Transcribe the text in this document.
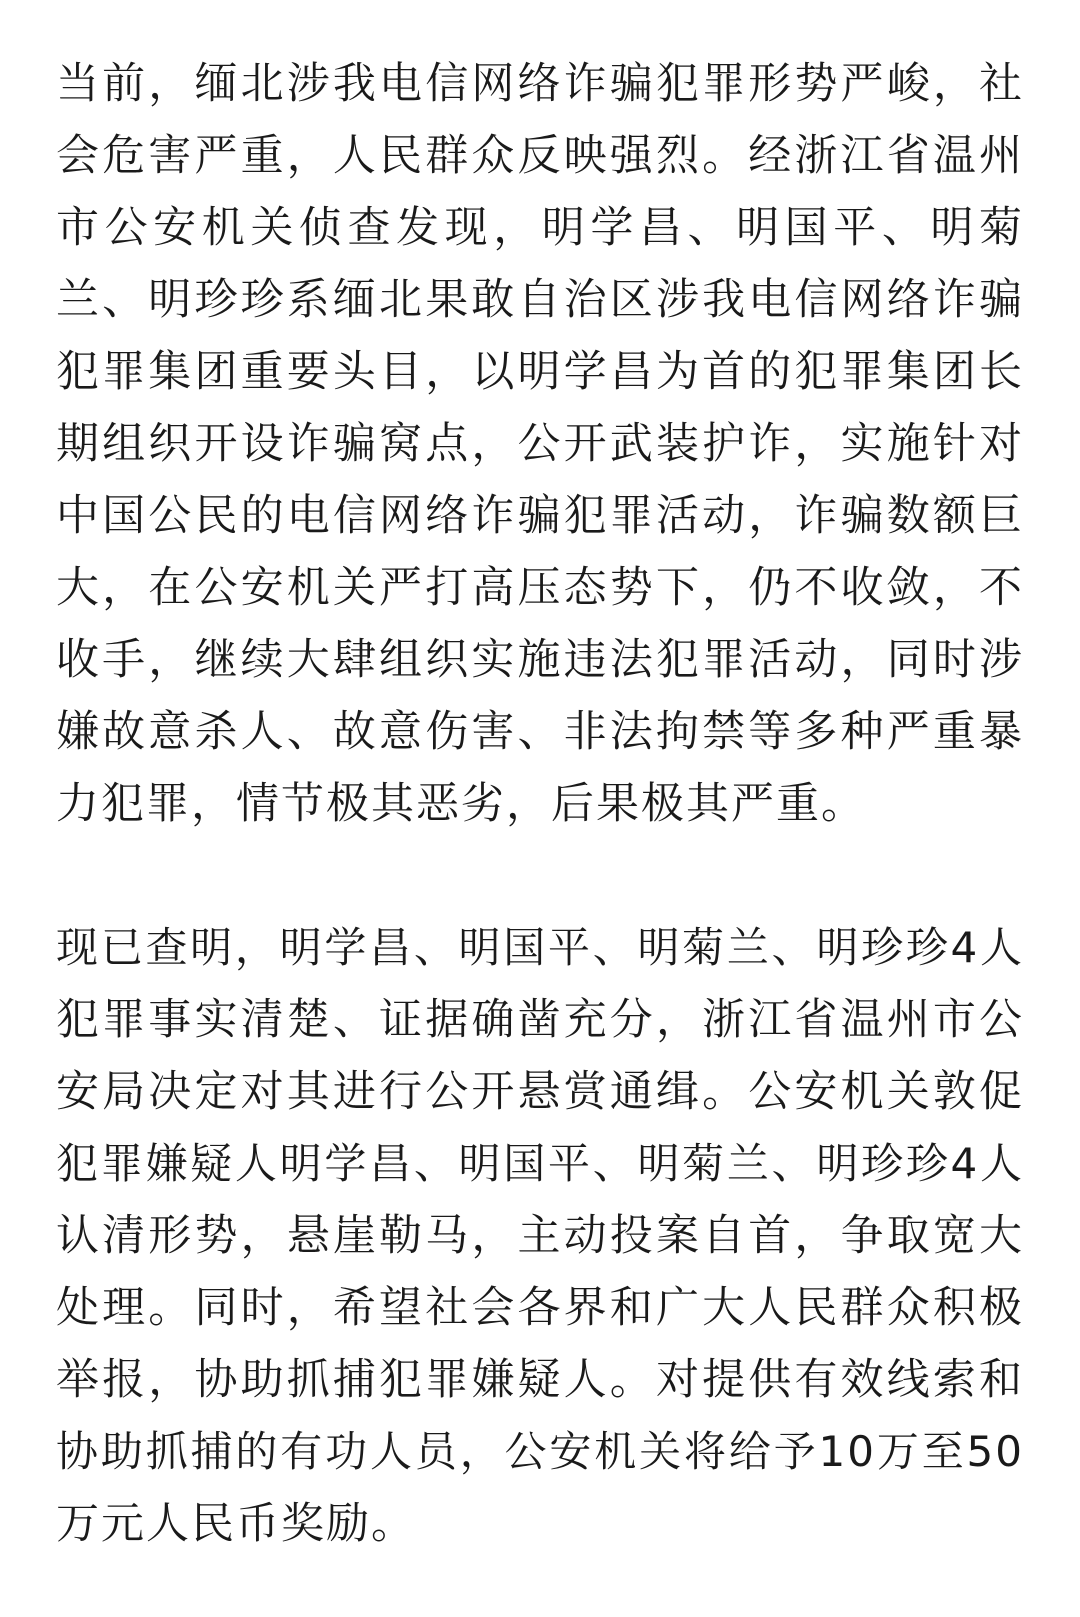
当前，缅北涉我电信网络诈骗犯罪形势严峻，社
会危害严重，人民群众反映强烈。经浙江省温州
市公安机关侦查发现，明学昌、明国平、明菊
兰、明珍珍系缅北果敢自治区涉我电信网络诈骗
犯罪集团重要头目，以明学昌为首的犯罪集团长
期组织开设诈骗窝点，公开武装护诈，实施针对
中国公民的电信网络诈骗犯罪活动，诈骗数额巨
大，在公安机关严打高压态势下，仍不收敛，不
收手，继续大肆组织实施违法犯罪活动，同时涉
嫌故意杀人、故意伤害、非法拘禁等多种严重暴
力犯罪，情节极其恶劣，后果极其严重。
现已查明，明学昌、明国平、明菊兰、明珍珍4人
犯罪事实清楚、证据确凿充分，浙江省温州市公
安局决定对其进行公开悬赏通缉。公安机关敦促
犯罪嫌疑人明学昌、明国平、明菊兰、明珍珍4人
认清形势，悬崖勒马，主动投案自首，争取宽大
处理。同时，希望社会各界和广大人民群众积极
举报，协助抓捕犯罪嫌疑人。对提供有效线索和
协助抓捕的有功人员，公安机关将给予10万至50
万元人民币奖励。
